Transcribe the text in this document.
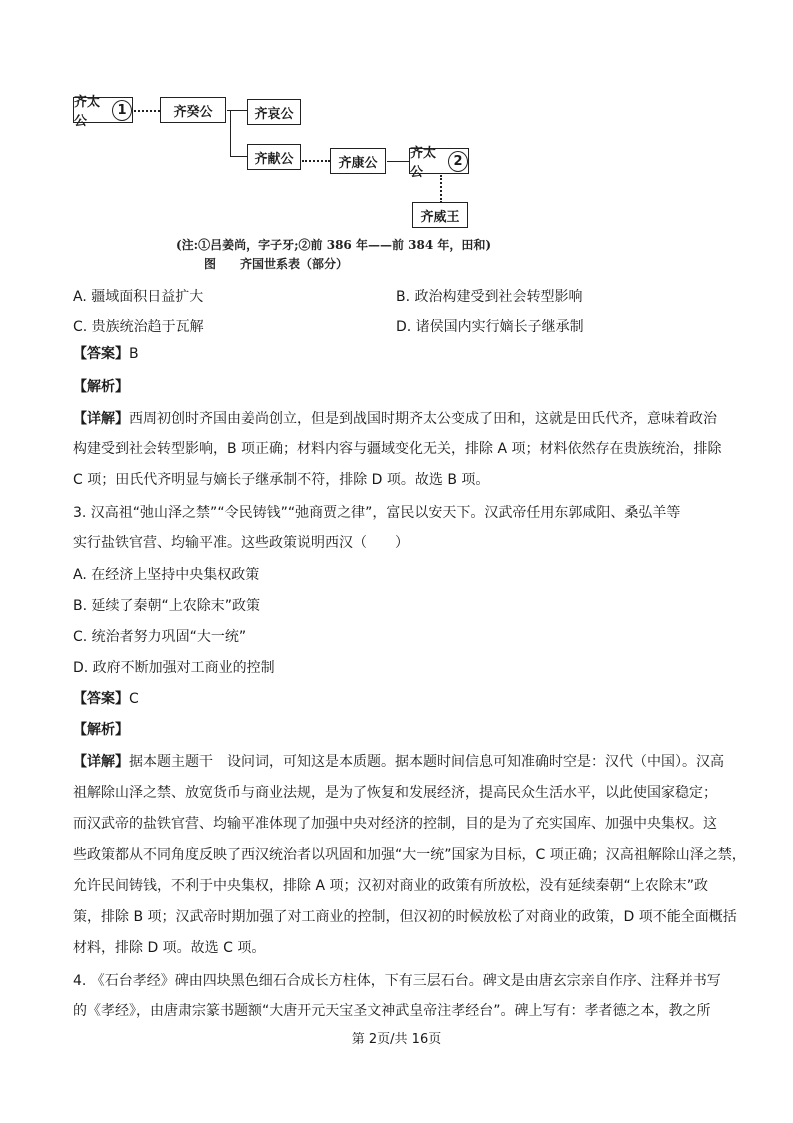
齐太公
1	齐癸公	齐哀公
齐献公	齐康公
齐太公
2
齐威王
(注:①吕姜尚，字子牙;②前 386 年——前 384 年，田和)
图　　齐国世系表（部分）
A. 疆域面积日益扩大	B. 政治构建受到社会转型影响
C. 贵族统治趋于瓦解	D. 诸侯国内实行嫡长子继承制
【答案】B
【解析】
【详解】西周初创时齐国由姜尚创立，但是到战国时期齐太公变成了田和，这就是田氏代齐，意味着政治
构建受到社会转型影响，B 项正确；材料内容与疆域变化无关，排除 A 项；材料依然存在贵族统治，排除
C 项；田氏代齐明显与嫡长子继承制不符，排除 D 项。故选 B 项。
3. 汉高祖“弛山泽之禁”“令民铸钱”“弛商贾之律”，富民以安天下。汉武帝任用东郭咸阳、桑弘羊等
实行盐铁官营、均输平准。这些政策说明西汉（　　）
A. 在经济上坚持中央集权政策
B. 延续了秦朝“上农除末”政策
C. 统治者努力巩固“大一统”
D. 政府不断加强对工商业的控制
【答案】C
【解析】
【详解】据本题主题干　设问词，可知这是本质题。据本题时间信息可知准确时空是：汉代（中国）。汉高
祖解除山泽之禁、放宽货币与商业法规，是为了恢复和发展经济，提高民众生活水平，以此使国家稳定；
而汉武帝的盐铁官营、均输平准体现了加强中央对经济的控制，目的是为了充实国库、加强中央集权。这
些政策都从不同角度反映了西汉统治者以巩固和加强“大一统”国家为目标，C 项正确；汉高祖解除山泽之禁，
允许民间铸钱，不利于中央集权，排除 A 项；汉初对商业的政策有所放松，没有延续秦朝“上农除末”政
策，排除 B 项；汉武帝时期加强了对工商业的控制，但汉初的时候放松了对商业的政策，D 项不能全面概括
材料，排除 D 项。故选 C 项。
4. 《石台孝经》碑由四块黑色细石合成长方柱体，下有三层石台。碑文是由唐玄宗亲自作序、注释并书写
的《孝经》，由唐肃宗篆书题额“大唐开元天宝圣文神武皇帝注孝经台”。碑上写有：孝者德之本，教之所
第 2页/共 16页
